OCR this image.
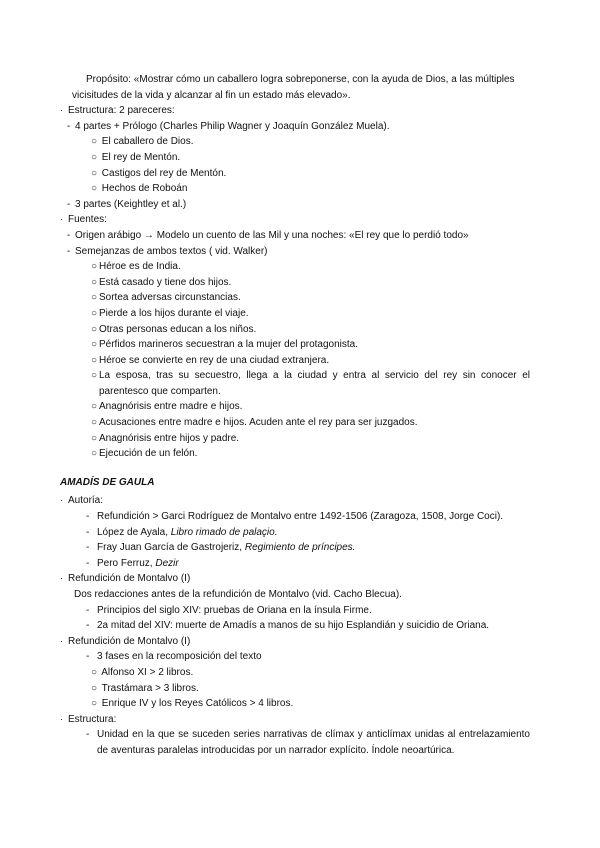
Propósito: «Mostrar cómo un caballero logra sobreponerse, con la ayuda de Dios, a las múltiples
vicisitudes de la vida y alcanzar al fin un estado más elevado».
· Estructura: 2 pareceres:
- 4 partes + Prólogo (Charles Philip Wagner y Joaquín González Muela).
○ El caballero de Dios.
○ El rey de Mentón.
○ Castigos del rey de Mentón.
○ Hechos de Roboán
- 3 partes (Keightley et al.)
· Fuentes:
- Origen arábigo → Modelo un cuento de las Mil y una noches: «El rey que lo perdió todo»
- Semejanzas de ambos textos ( vid. Walker)
○ Héroe es de India.
○ Está casado y tiene dos hijos.
○ Sortea adversas circunstancias.
○ Pierde a los hijos durante el viaje.
○ Otras personas educan a los niños.
○ Pérfidos marineros secuestran a la mujer del protagonista.
○ Héroe se convierte en rey de una ciudad extranjera.
○ La esposa, tras su secuestro, llega a la ciudad y entra al servicio del rey sin conocer el
parentesco que comparten.
○ Anagnórisis entre madre e hijos.
○ Acusaciones entre madre e hijos. Acuden ante el rey para ser juzgados.
○ Anagnórisis entre hijos y padre.
○ Ejecución de un felón.
AMADÍS DE GAULA
· Autoría:
- Refundición > Garci Rodríguez de Montalvo entre 1492-1506 (Zaragoza, 1508, Jorge Coci).
- López de Ayala, Libro rimado de palaçio.
- Fray Juan García de Gastrojeriz, Regimiento de príncipes.
- Pero Ferruz, Dezir
· Refundición de Montalvo (I)
Dos redacciones antes de la refundición de Montalvo (vid. Cacho Blecua).
- Principios del siglo XIV: pruebas de Oriana en la ínsula Firme.
- 2a mitad del XIV: muerte de Amadís a manos de su hijo Esplandián y suicidio de Oriana.
· Refundición de Montalvo (I)
- 3 fases en la recomposición del texto
○ Alfonso XI > 2 libros.
○ Trastámara > 3 libros.
○ Enrique IV y los Reyes Católicos > 4 libros.
· Estructura:
- Unidad en la que se suceden series narrativas de clímax y anticlímax unidas al entrelazamiento
de aventuras paralelas introducidas por un narrador explícito. Índole neoartúrica.
